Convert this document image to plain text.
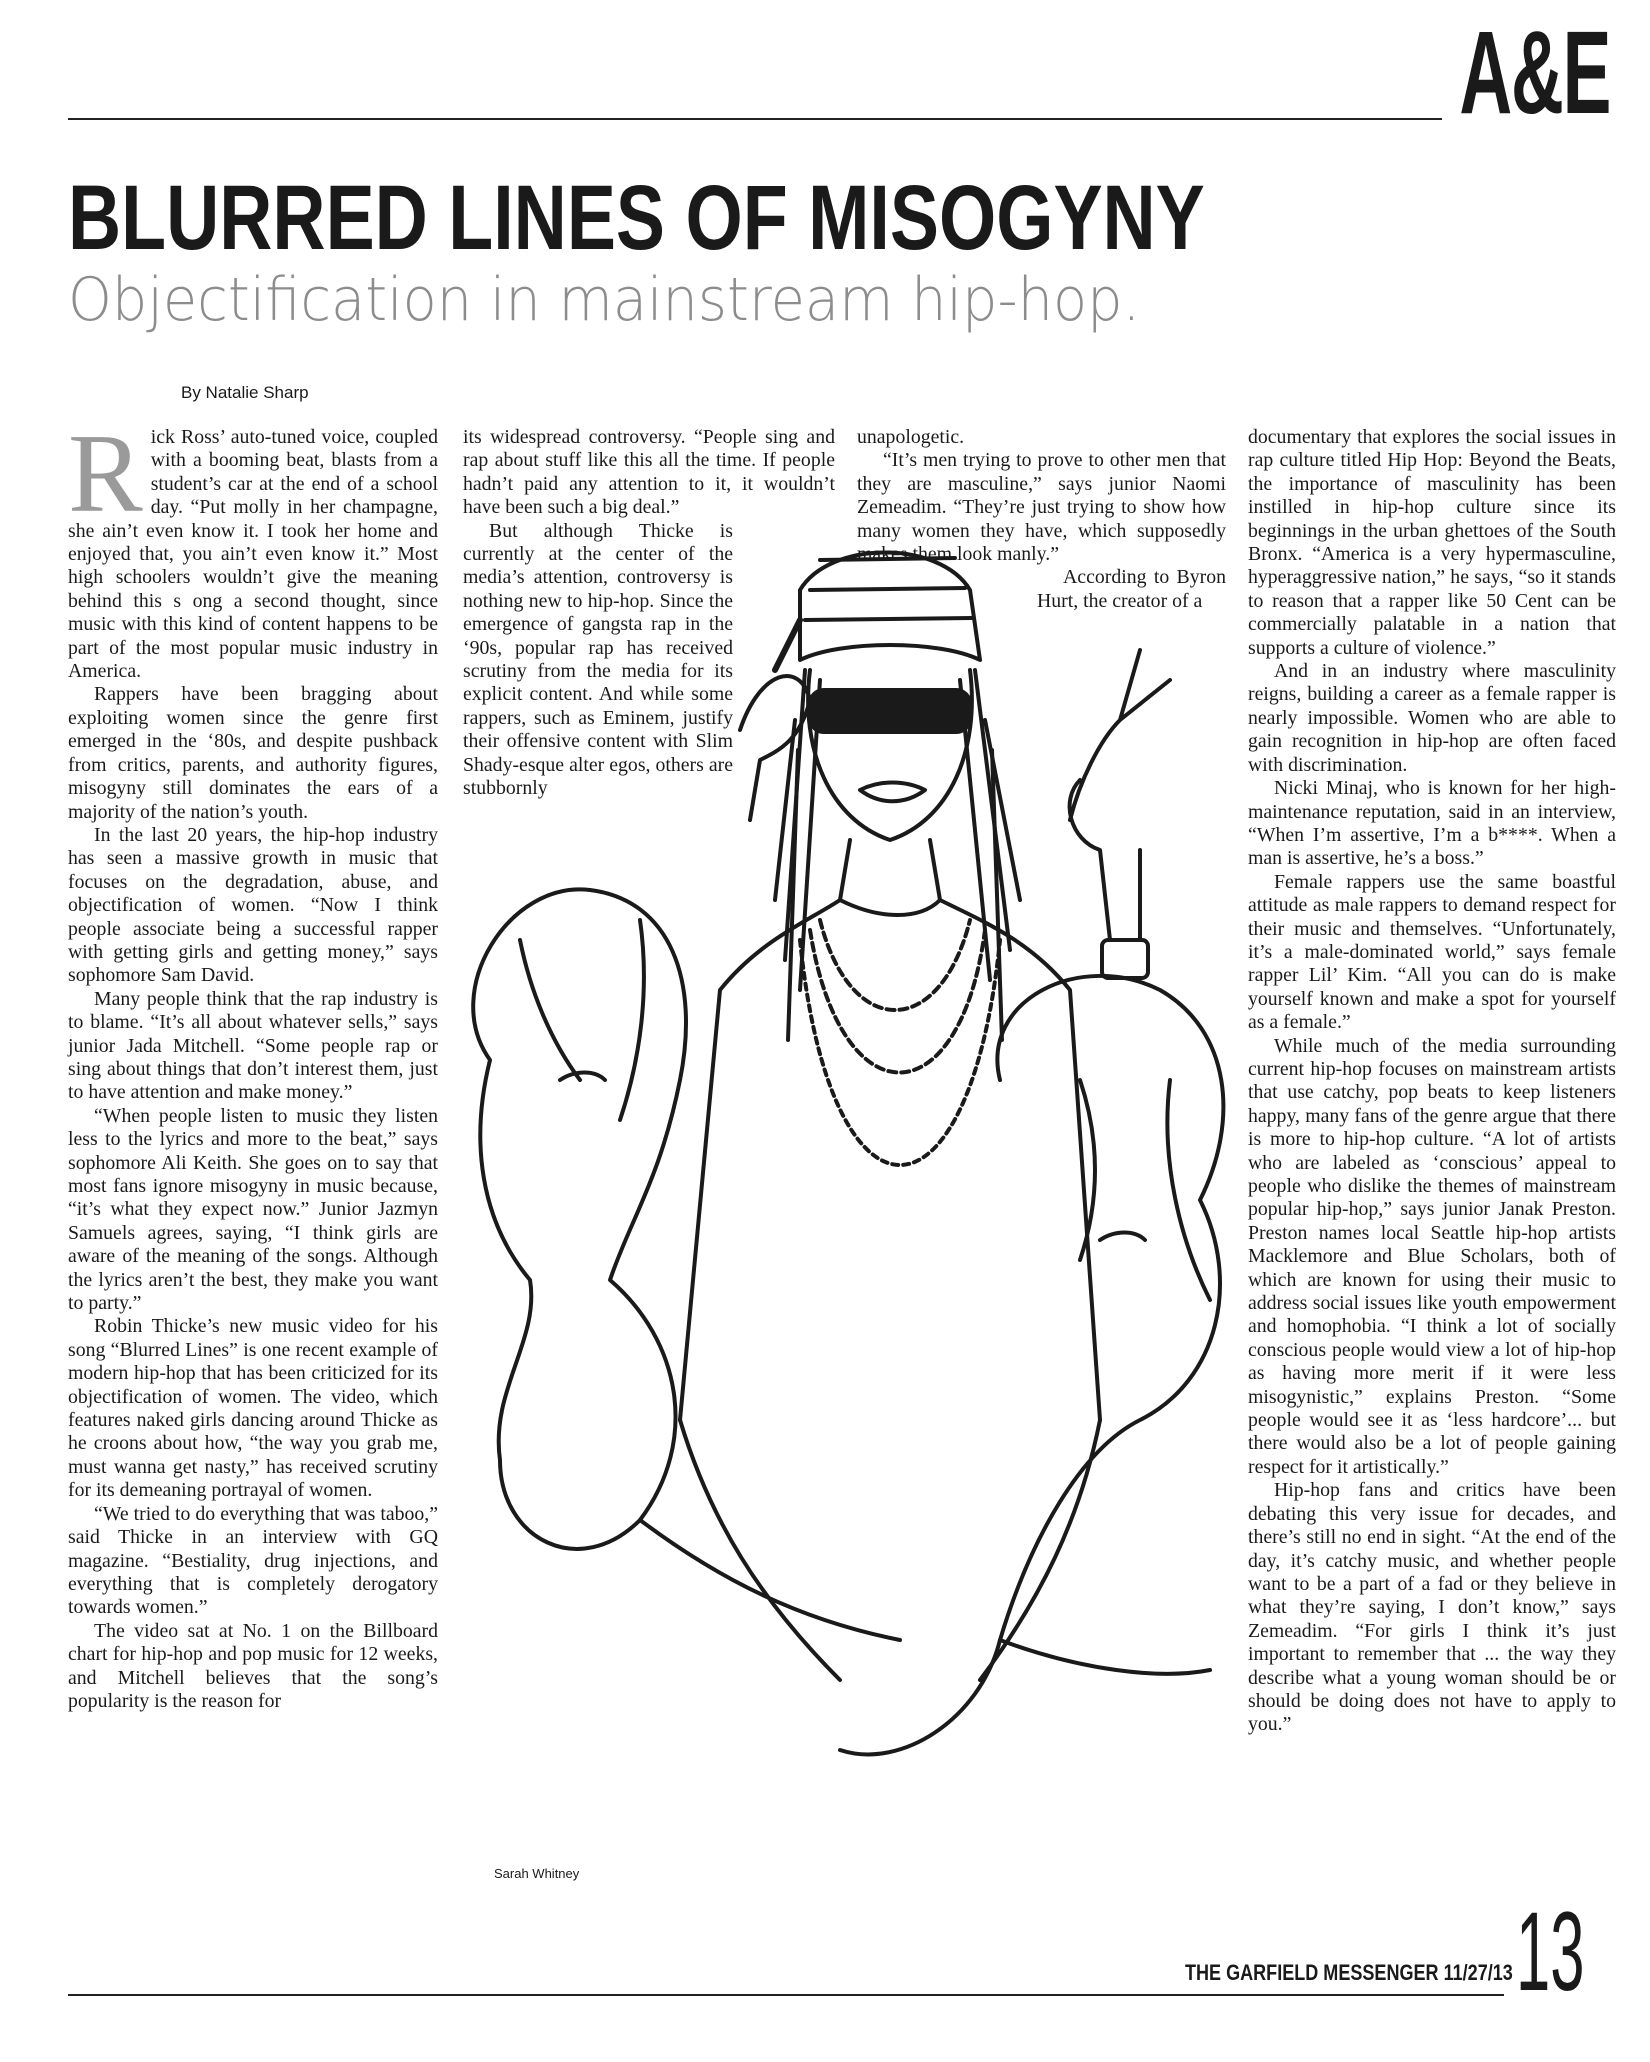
A&E
BLURRED LINES OF MISOGYNY
Objectification in mainstream hip-hop.
By Natalie Sharp

Rick Ross’ auto-tuned voice, coupled with a booming beat, blasts from a student’s car at the end of a school day. “Put molly in her champagne, she ain’t even know it. I took her home and enjoyed that, you ain’t even know it.” Most high schoolers wouldn’t give the meaning behind this s ong a second thought, since music with this kind of content happens to be part of the most popular music industry in America.

Rappers have been bragging about exploiting women since the genre first emerged in the ‘80s, and despite pushback from critics, parents, and authority figures, misogyny still dominates the ears of a majority of the nation’s youth.

In the last 20 years, the hip-hop industry has seen a massive growth in music that focuses on the degradation, abuse, and objectification of women. “Now I think people associate being a successful rapper with getting girls and getting money,” says sophomore Sam David.

Many people think that the rap industry is to blame. “It’s all about whatever sells,” says junior Jada Mitchell. “Some people rap or sing about things that don’t interest them, just to have attention and make money.”

“When people listen to music they listen less to the lyrics and more to the beat,” says sophomore Ali Keith. She goes on to say that most fans ignore misogyny in music because, “it’s what they expect now.” Junior Jazmyn Samuels agrees, saying, “I think girls are aware of the meaning of the songs. Although the lyrics aren’t the best, they make you want to party.”

Robin Thicke’s new music video for his song “Blurred Lines” is one recent example of modern hip-hop that has been criticized for its objectification of women. The video, which features naked girls dancing around Thicke as he croons about how, “the way you grab me, must wanna get nasty,” has received scrutiny for its demeaning portrayal of women.

“We tried to do everything that was taboo,” said Thicke in an interview with GQ magazine. “Bestiality, drug injections, and everything that is completely derogatory towards women.”

The video sat at No. 1 on the Billboard chart for hip-hop and pop music for 12 weeks, and Mitchell believes that the song’s popularity is the reason for

its widespread controversy. “People sing and rap about stuff like this all the time. If people hadn’t paid any attention to it, it wouldn’t have been such a big deal.”

But although Thicke is currently at the center of the media’s attention, controversy is nothing new to hip-hop. Since the emergence of gangsta rap in the ‘90s, popular rap has received scrutiny from the media for its explicit content. And while some rappers, such as Eminem, justify their offensive content with Slim Shady-esque alter egos, others are stubbornly

unapologetic.

“It’s men trying to prove to other men that they are masculine,” says junior Naomi Zemeadim. “They’re just trying to show how many women they have, which supposedly makes them look manly.”

According to Byron Hurt, the creator of a

documentary that explores the social issues in rap culture titled Hip Hop: Beyond the Beats, the importance of masculinity has been instilled in hip-hop culture since its beginnings in the urban ghettoes of the South Bronx. “America is a very hypermasculine, hyperaggressive nation,” he says, “so it stands to reason that a rapper like 50 Cent can be commercially palatable in a nation that supports a culture of violence.”

And in an industry where masculinity reigns, building a career as a female rapper is nearly impossible. Women who are able to gain recognition in hip-hop are often faced with discrimination.

Nicki Minaj, who is known for her high-maintenance reputation, said in an interview, “When I’m assertive, I’m a b****. When a man is assertive, he’s a boss.”

Female rappers use the same boastful attitude as male rappers to demand respect for their music and themselves. “Unfortunately, it’s a male-dominated world,” says female rapper Lil’ Kim. “All you can do is make yourself known and make a spot for yourself as a female.”

While much of the media surrounding current hip-hop focuses on mainstream artists that use catchy, pop beats to keep listeners happy, many fans of the genre argue that there is more to hip-hop culture. “A lot of artists who are labeled as ‘conscious’ appeal to people who dislike the themes of mainstream popular hip-hop,” says junior Janak Preston. Preston names local Seattle hip-hop artists Macklemore and Blue Scholars, both of which are known for using their music to address social issues like youth empowerment and homophobia. “I think a lot of socially conscious people would view a lot of hip-hop as having more merit if it were less misogynistic,” explains Preston. “Some people would see it as ‘less hardcore’... but there would also be a lot of people gaining respect for it artistically.”

Hip-hop fans and critics have been debating this very issue for decades, and there’s still no end in sight. “At the end of the day, it’s catchy music, and whether people want to be a part of a fad or they believe in what they’re saying, I don’t know,” says Zemeadim. “For girls I think it’s just important to remember that ... the way they describe what a young woman should be or should be doing does not have to apply to you.”

Sarah Whitney
THE GARFIELD MESSENGER 11/27/13 13
